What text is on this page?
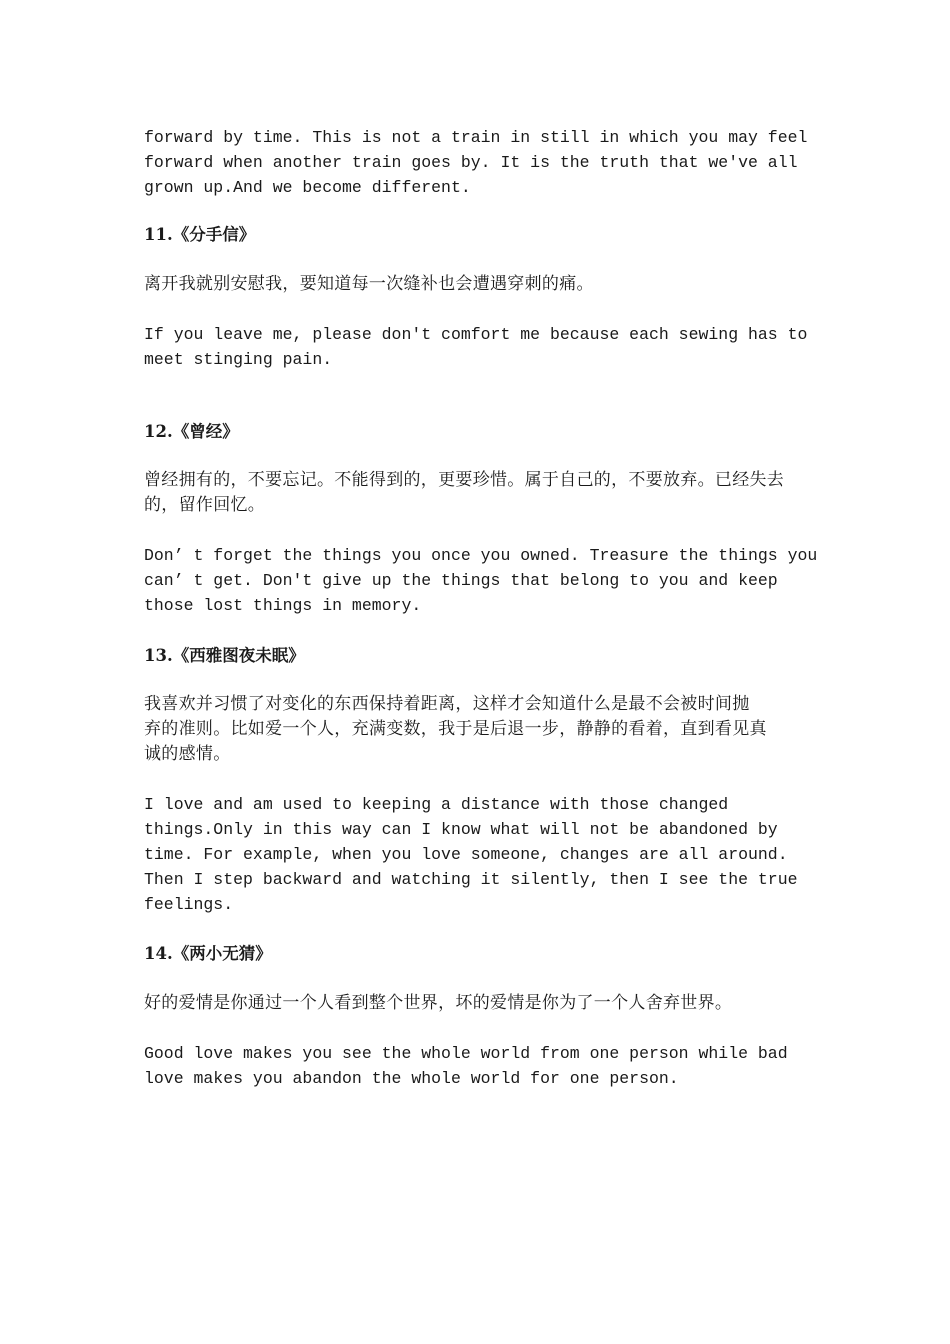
forward by time. This is not a train in still in which you may feel

forward when another train goes by. It is the truth that we've all

grown up.And we become different.

11.《分手信》

离开我就别安慰我，要知道每一次缝补也会遭遇穿刺的痛。

If you leave me, please don't comfort me because each sewing has to

meet stinging pain.

12.《曾经》

曾经拥有的，不要忘记。不能得到的，更要珍惜。属于自己的，不要放弃。已经失去

的，留作回忆。

Don’ t forget the things you once you owned. Treasure the things you

can’ t get. Don't give up the things that belong to you and keep

those lost things in memory.

13.《西雅图夜未眠》

我喜欢并习惯了对变化的东西保持着距离，这样才会知道什么是最不会被时间抛

弃的准则。比如爱一个人，充满变数，我于是后退一步，静静的看着，直到看见真

诚的感情。

I love and am used to keeping a distance with those changed

things.Only in this way can I know what will not be abandoned by

time. For example, when you love someone, changes are all around.

Then I step backward and watching it silently, then I see the true

feelings.

14.《两小无猜》

好的爱情是你通过一个人看到整个世界，坏的爱情是你为了一个人舍弃世界。

Good love makes you see the whole world from one person while bad

love makes you abandon the whole world for one person.
